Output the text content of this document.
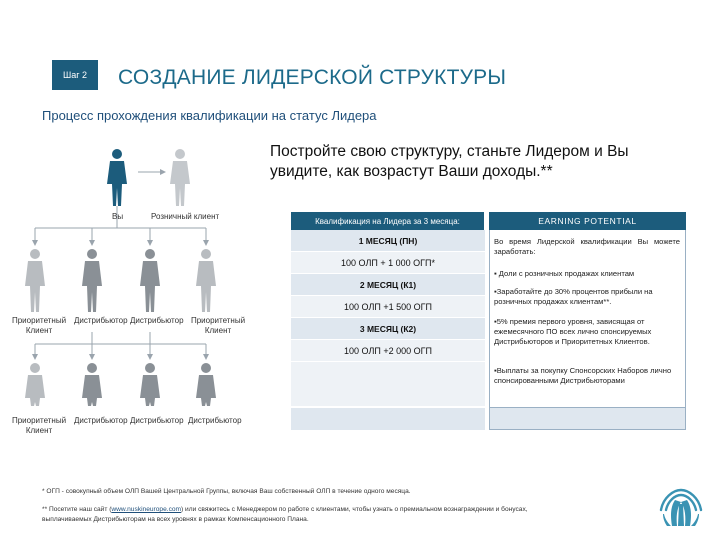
Шаг 2	СОЗДАНИЕ ЛИДЕРСКОЙ СТРУКТУРЫ
Процесс прохождения квалификации на статус Лидера
Постройте свою структуру, станьте Лидером и Вы увидите, как возрастут Ваши доходы.**
Вы	Розничный клиент
Приоритетный Клиент
Дистрибьютор Дистрибьютор Приоритетный Клиент
Приоритетный Клиент
Дистрибьютор Дистрибьютор Дистрибьютор
Квалификация на Лидера за 3 месяца:
1 МЕСЯЦ (ПН)
100 ОЛП + 1 000 ОГП*
2 МЕСЯЦ (К1)
100 ОЛП +1 500 ОГП
3 МЕСЯЦ (К2)
100 ОЛП +2 000 ОГП
EARNING POTENTIAL
Во время Лидерской квалификации Вы можете заработать:
▪ Доли с розничных продажах клиентам
▪Заработайте до 30% процентов прибыли на розничных продажах клиентам**.
▪5% премия первого уровня, зависящая от ежемесячного ПО всех лично спонсируемых Дистрибьюторов и Приоритетных Клиентов.
▪Выплаты за покупку Спонсорских Наборов лично спонсированными Дистрибьюторами
* ОГП - совокупный объем ОЛП Вашей Центральной Группы, включая Ваш собственный ОЛП в течение одного месяца.
** Посетите наш сайт (www.nuskineurope.com) или свяжитесь с Менеджером по работе с клиентами, чтобы узнать о премиальном вознаграждении и бонусах,
выплачиваемых Дистрибьюторам на всех уровнях в рамках Компенсационного Плана.
